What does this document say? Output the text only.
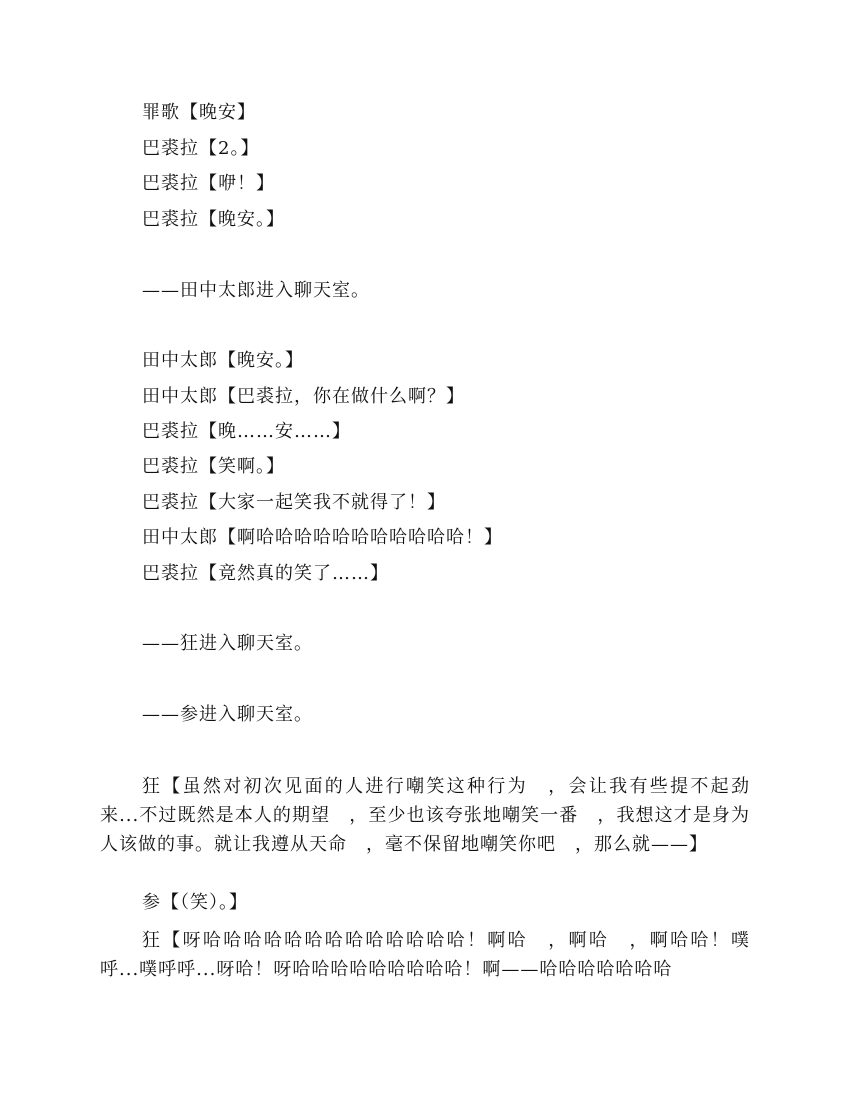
罪歌【晚安】
巴裘拉【2。】
巴裘拉【咿！】
巴裘拉【晚安。】
——田中太郎进入聊天室。
田中太郎【晚安。】
田中太郎【巴裘拉，你在做什么啊？】
巴裘拉【晚……安……】
巴裘拉【笑啊。】
巴裘拉【大家一起笑我不就得了！】
田中太郎【啊哈哈哈哈哈哈哈哈哈哈哈！】
巴裘拉【竟然真的笑了……】
——狂进入聊天室。
——参进入聊天室。
狂【虽然对初次见面的人进行嘲笑这种行为　，会让我有些提不起劲来...不过既然是本人的期望　，至少也该夸张地嘲笑一番　，我想这才是身为人该做的事。就让我遵从天命　，毫不保留地嘲笑你吧　，那么就——】
参【（笑）。】
狂【呀哈哈哈哈哈哈哈哈哈哈哈哈哈！啊哈　，啊哈　，啊哈哈！噗呼...噗呼呼...呀哈！呀哈哈哈哈哈哈哈哈哈！啊——哈哈哈哈哈哈哈
